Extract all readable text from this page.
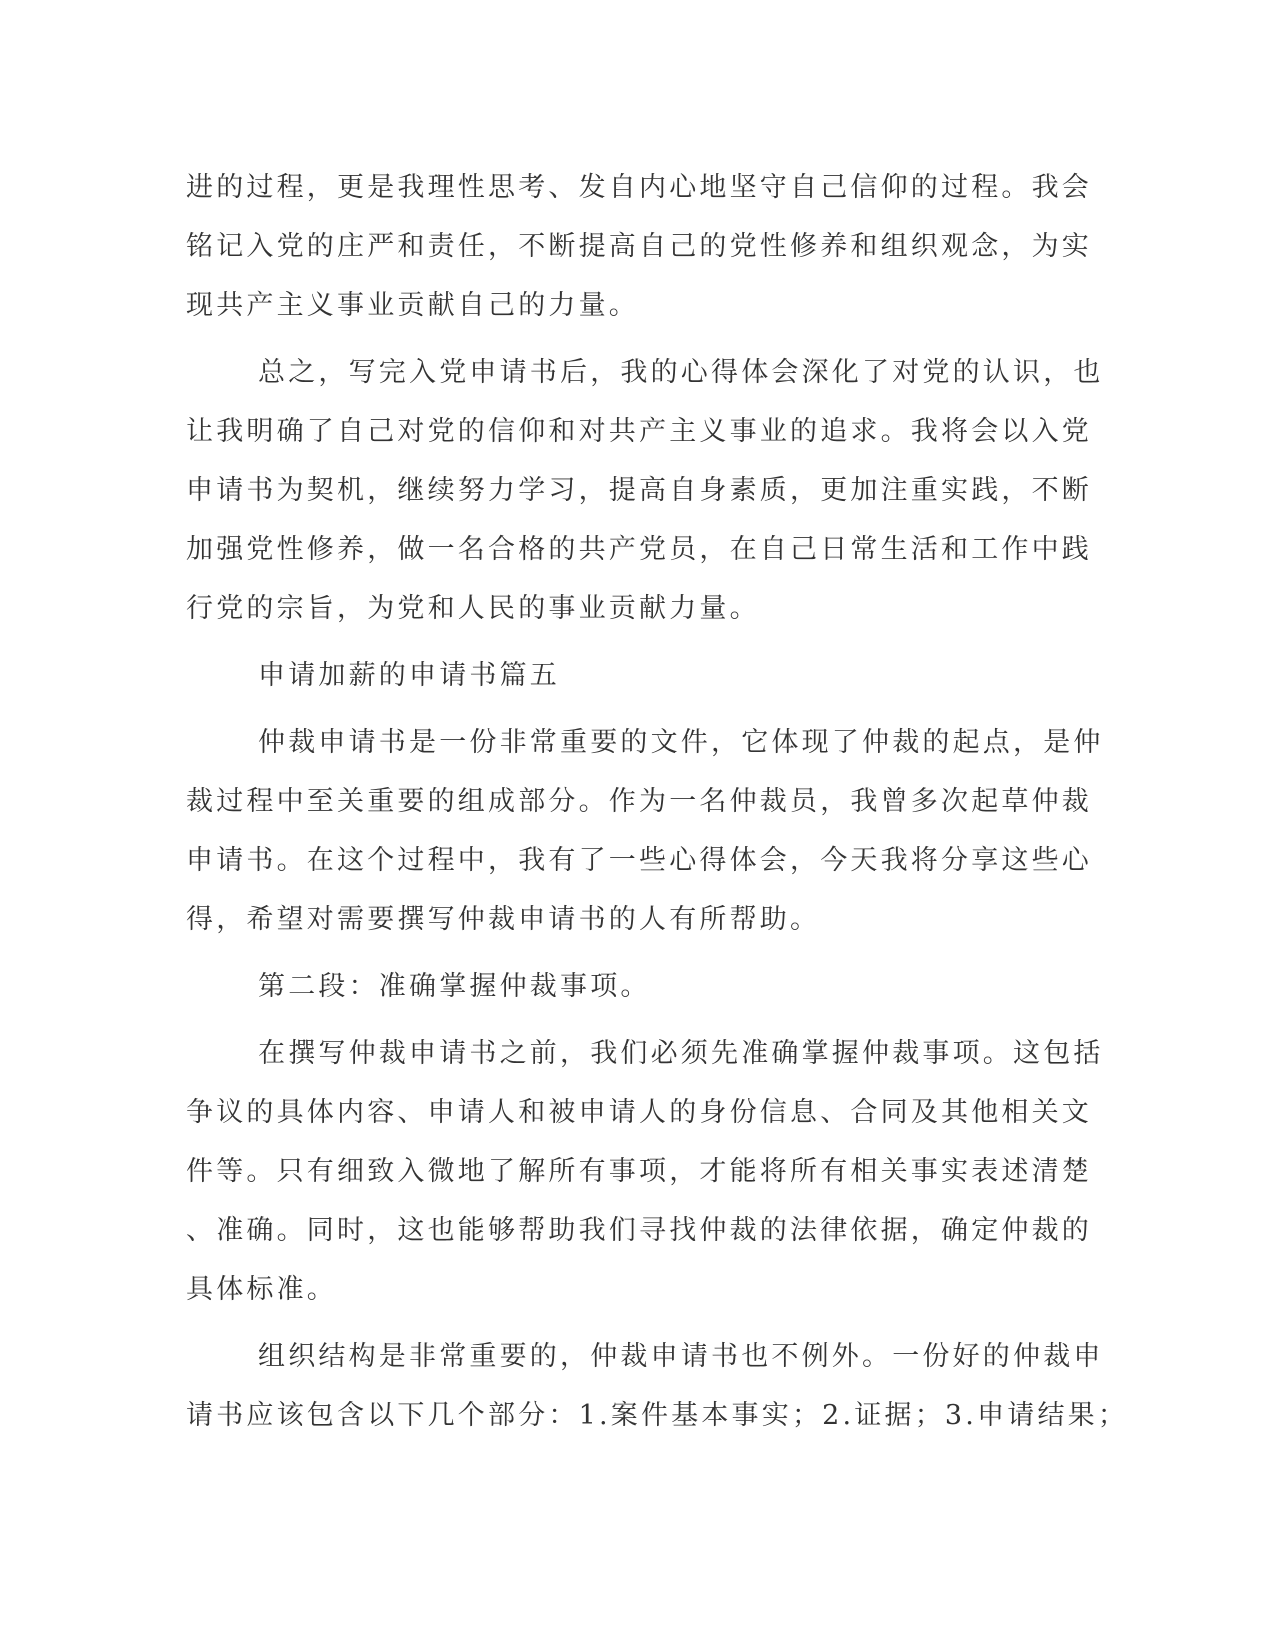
进的过程，更是我理性思考、发自内心地坚守自己信仰的过程。我会
铭记入党的庄严和责任，不断提高自己的党性修养和组织观念，为实
现共产主义事业贡献自己的力量。
总之，写完入党申请书后，我的心得体会深化了对党的认识，也
让我明确了自己对党的信仰和对共产主义事业的追求。我将会以入党
申请书为契机，继续努力学习，提高自身素质，更加注重实践，不断
加强党性修养，做一名合格的共产党员，在自己日常生活和工作中践
行党的宗旨，为党和人民的事业贡献力量。
申请加薪的申请书篇五
仲裁申请书是一份非常重要的文件，它体现了仲裁的起点，是仲
裁过程中至关重要的组成部分。作为一名仲裁员，我曾多次起草仲裁
申请书。在这个过程中，我有了一些心得体会，今天我将分享这些心
得，希望对需要撰写仲裁申请书的人有所帮助。
第二段：准确掌握仲裁事项。
在撰写仲裁申请书之前，我们必须先准确掌握仲裁事项。这包括
争议的具体内容、申请人和被申请人的身份信息、合同及其他相关文
件等。只有细致入微地了解所有事项，才能将所有相关事实表述清楚
、准确。同时，这也能够帮助我们寻找仲裁的法律依据，确定仲裁的
具体标准。
组织结构是非常重要的，仲裁申请书也不例外。一份好的仲裁申
请书应该包含以下几个部分：1.案件基本事实；2.证据；3.申请结果；
